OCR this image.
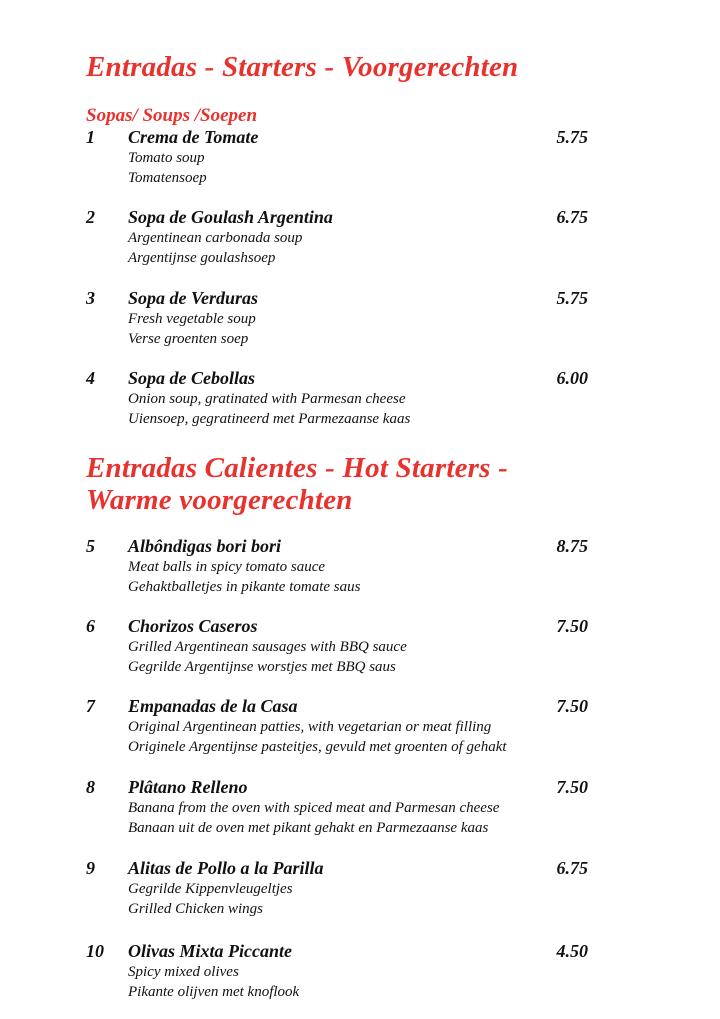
Entradas - Starters - Voorgerechten
Sopas/ Soups /Soepen
1 Crema de Tomate	5.75
Tomato soup
Tomatensoep
2 Sopa de Goulash Argentina	6.75
Argentinean carbonada soup
Argentijnse goulashsoep
3 Sopa de Verduras	5.75
Fresh vegetable soup
Verse groenten soep
4 Sopa de Cebollas	6.00
Onion soup, gratinated with Parmesan cheese
Uiensoep, gegratineerd met Parmezaanse kaas
Entradas Calientes - Hot Starters -
Warme voorgerechten
5 Albôndigas bori bori	8.75
Meat balls in spicy tomato sauce
Gehaktballetjes in pikante tomate saus
6 Chorizos Caseros	7.50
Grilled Argentinean sausages with BBQ sauce
Gegrilde Argentijnse worstjes met BBQ saus
7 Empanadas de la Casa	7.50
Original Argentinean patties, with vegetarian or meat filling
Originele Argentijnse pasteitjes, gevuld met groenten of gehakt
8 Plâtano Relleno	7.50
Banana from the oven with spiced meat and Parmesan cheese
Banaan uit de oven met pikant gehakt en Parmezaanse kaas
9 Alitas de Pollo a la Parilla	6.75
Gegrilde Kippenvleugeltjes
Grilled Chicken wings
10 Olivas Mixta Piccante	4.50
Spicy mixed olives
Pikante olijven met knoflook
